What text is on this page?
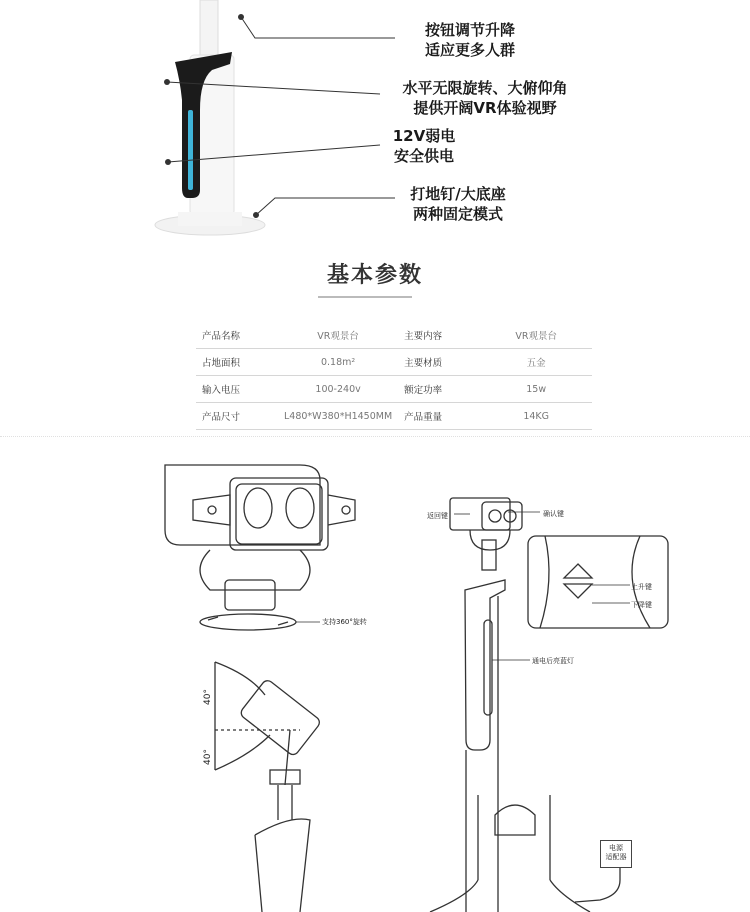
按钮调节升降
适应更多人群
水平无限旋转、大俯仰角
提供开阔VR体验视野
12V弱电
安全供电
打地钉/大底座
两种固定模式
基本参数
产品名称	VR观景台	主要内容	VR观景台
占地面积	0.18m²	主要材质	五金
输入电压	100-240v	额定功率	15w
产品尺寸	L480*W380*H1450MM	产品重量	14KG
支持360°旋转
返回键	确认键
上升键
下降键
通电后亮蓝灯
40°
40°
电源
适配器
